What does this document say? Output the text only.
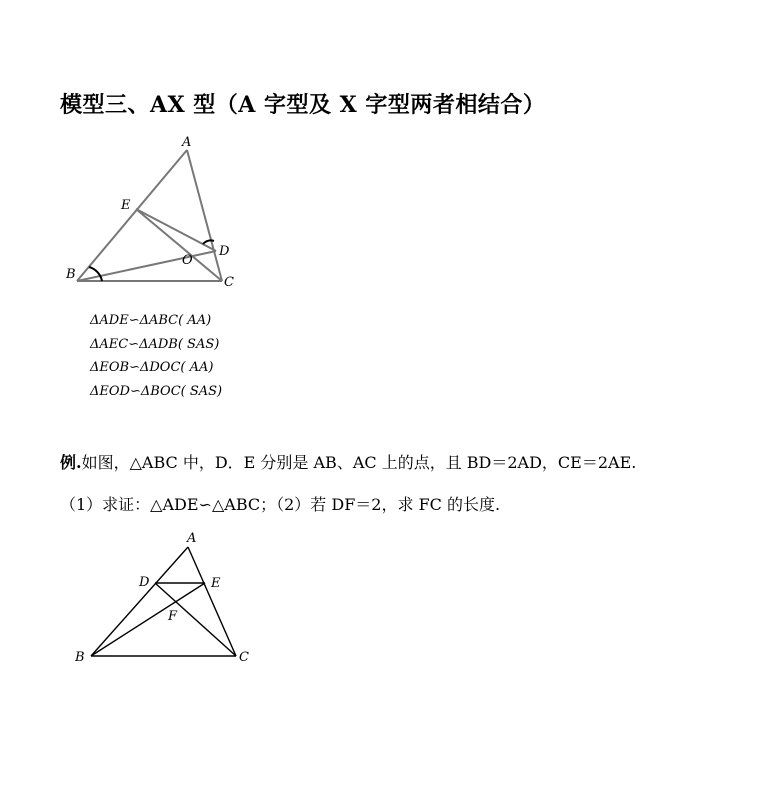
模型三、AX 型（A 字型及 X 字型两者相结合）
A
E
D
O
B
C
ΔADE∽ΔABC( AA)
ΔAEC∽ΔADB( SAS)
ΔEOB∽ΔDOC( AA)
ΔEOD∽ΔBOC( SAS)
例.如图，△ABC 中，D．E 分别是 AB、AC 上的点，且 BD＝2AD，CE＝2AE.
（1）求证：△ADE∽△ABC；（2）若 DF＝2，求 FC 的长度.
A
D	E
F
B	C
